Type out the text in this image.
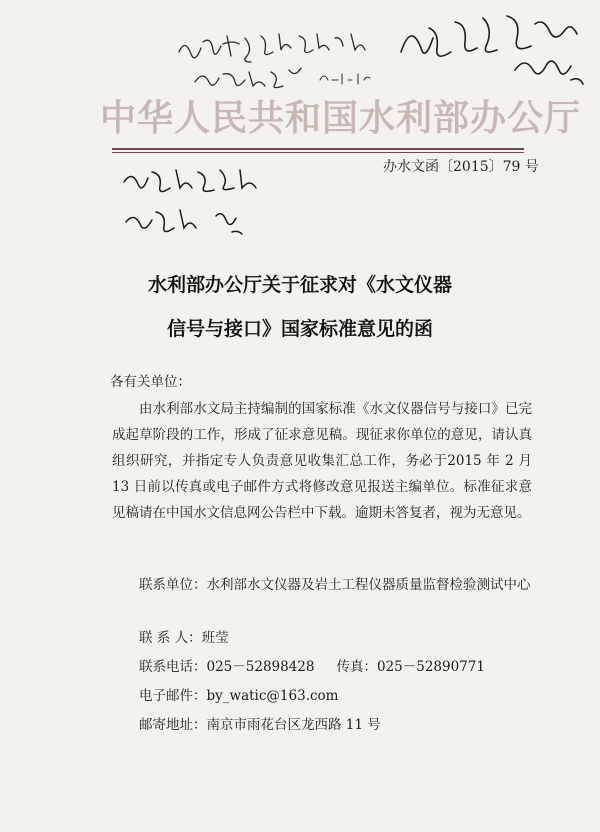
中华人民共和国水利部办公厅
办水文函〔2015〕79 号
水利部办公厅关于征求对《水文仪器
信号与接口》国家标准意见的函
各有关单位：
由水利部水文局主持编制的国家标准《水文仪器信号与接口》已完成起草阶段的工作，形成了征求意见稿。现征求你单位的意见，请认真组织研究，并指定专人负责意见收集汇总工作，务必于2015 年 2 月 13 日前以传真或电子邮件方式将修改意见报送主编单位。标准征求意见稿请在中国水文信息网公告栏中下载。逾期未答复者，视为无意见。
联系单位：水利部水文仪器及岩土工程仪器质量监督检验测试中心
联 系 人：班莹
联系电话：025－52898428 传真：025－52890771
电子邮件：by_watic@163.com
邮寄地址：南京市雨花台区龙西路 11 号
